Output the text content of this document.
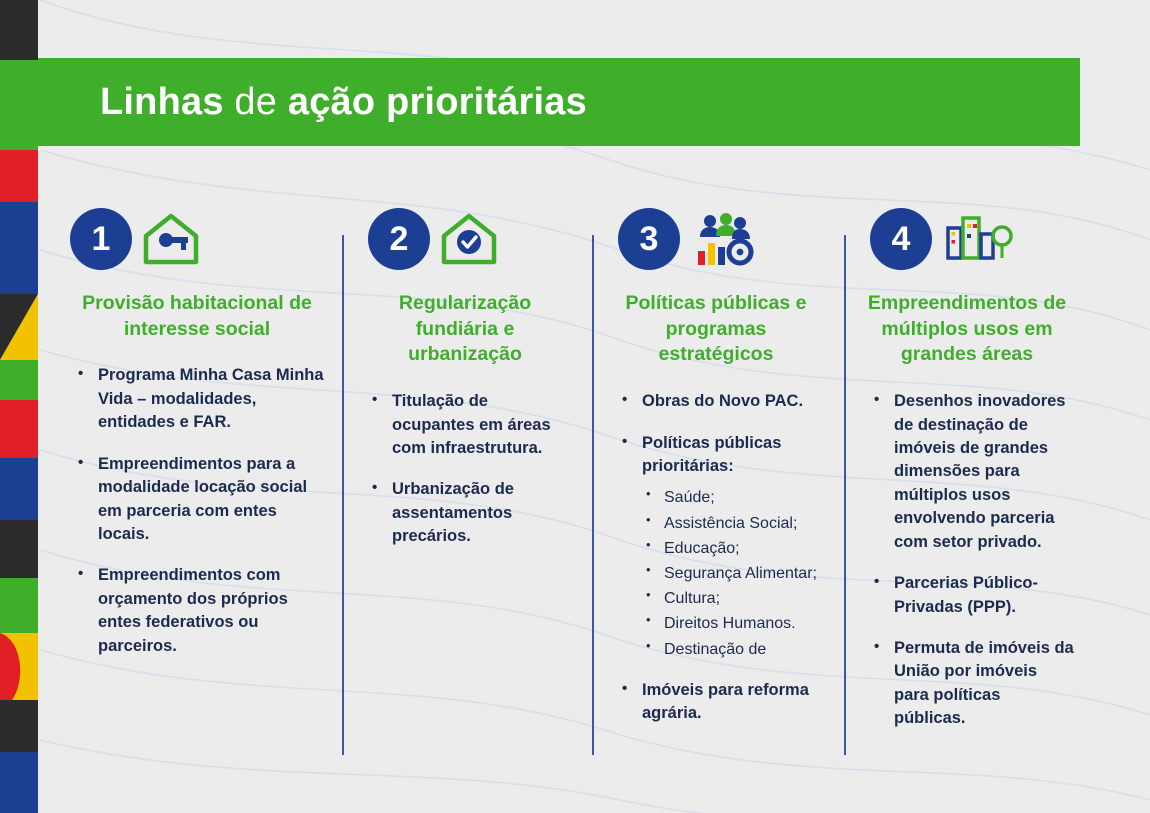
Linhas de ação prioritárias
1
Provisão habitacional de interesse social
• Programa Minha Casa Minha Vida – modalidades, entidades e FAR.
• Empreendimentos para a modalidade locação social em parceria com entes locais.
• Empreendimentos com orçamento dos próprios entes federativos ou parceiros.
2
Regularização fundiária e urbanização
• Titulação de ocupantes em áreas com infraestrutura.
• Urbanização de assentamentos precários.
3
Políticas públicas e programas estratégicos
• Obras do Novo PAC.
• Políticas públicas prioritárias:
• Saúde;
• Assistência Social;
• Educação;
• Segurança Alimentar;
• Cultura;
• Direitos Humanos.
• Destinação de
• Imóveis para reforma agrária.
4
Empreendimentos de múltiplos usos em grandes áreas
• Desenhos inovadores de destinação de imóveis de grandes dimensões para múltiplos usos envolvendo parceria com setor privado.
• Parcerias Público-Privadas (PPP).
• Permuta de imóveis da União por imóveis para políticas públicas.
